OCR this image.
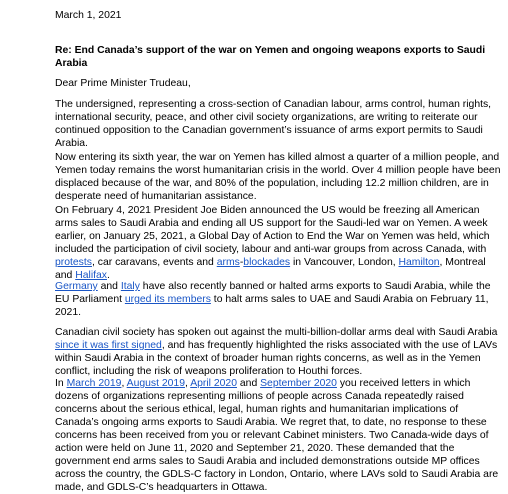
March 1, 2021
Re: End Canada’s support of the war on Yemen and ongoing weapons exports to Saudi Arabia
Dear Prime Minister Trudeau,
The undersigned, representing a cross-section of Canadian labour, arms control, human rights, international security, peace, and other civil society organizations, are writing to reiterate our continued opposition to the Canadian government’s issuance of arms export permits to Saudi Arabia.
Now entering its sixth year, the war on Yemen has killed almost a quarter of a million people, and Yemen today remains the worst humanitarian crisis in the world. Over 4 million people have been displaced because of the war, and 80% of the population, including 12.2 million children, are in desperate need of humanitarian assistance.
On February 4, 2021 President Joe Biden announced the US would be freezing all American arms sales to Saudi Arabia and ending all US support for the Saudi-led war on Yemen. A week earlier, on January 25, 2021, a Global Day of Action to End the War on Yemen was held, which included the participation of civil society, labour and anti-war groups from across Canada, with protests, car caravans, events and arms-blockades in Vancouver, London, Hamilton, Montreal and Halifax.
Germany and Italy have also recently banned or halted arms exports to Saudi Arabia, while the EU Parliament urged its members to halt arms sales to UAE and Saudi Arabia on February 11, 2021.
Canadian civil society has spoken out against the multi-billion-dollar arms deal with Saudi Arabia since it was first signed, and has frequently highlighted the risks associated with the use of LAVs within Saudi Arabia in the context of broader human rights concerns, as well as in the Yemen conflict, including the risk of weapons proliferation to Houthi forces.
In March 2019, August 2019, April 2020 and September 2020 you received letters in which dozens of organizations representing millions of people across Canada repeatedly raised concerns about the serious ethical, legal, human rights and humanitarian implications of Canada’s ongoing arms exports to Saudi Arabia. We regret that, to date, no response to these concerns has been received from you or relevant Cabinet ministers. Two Canada-wide days of action were held on June 11, 2020 and September 21, 2020. These demanded that the government end arms sales to Saudi Arabia and included demonstrations outside MP offices across the country, the GDLS-C factory in London, Ontario, where LAVs sold to Saudi Arabia are made, and GDLS-C’s headquarters in Ottawa.
